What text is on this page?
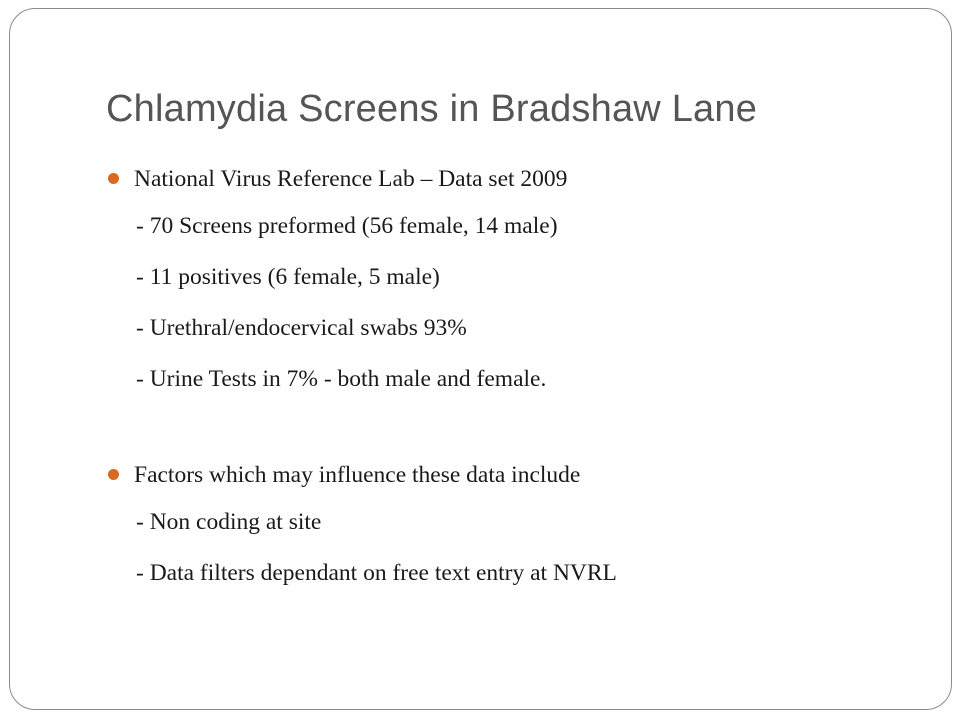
Chlamydia Screens in Bradshaw Lane
National Virus Reference Lab – Data set 2009
- 70 Screens preformed (56 female, 14 male)
- 11 positives (6 female, 5 male)
- Urethral/endocervical swabs 93%
- Urine Tests in 7% - both male and female.
Factors which may influence these data include
- Non coding at site
- Data filters dependant on free text entry at NVRL
